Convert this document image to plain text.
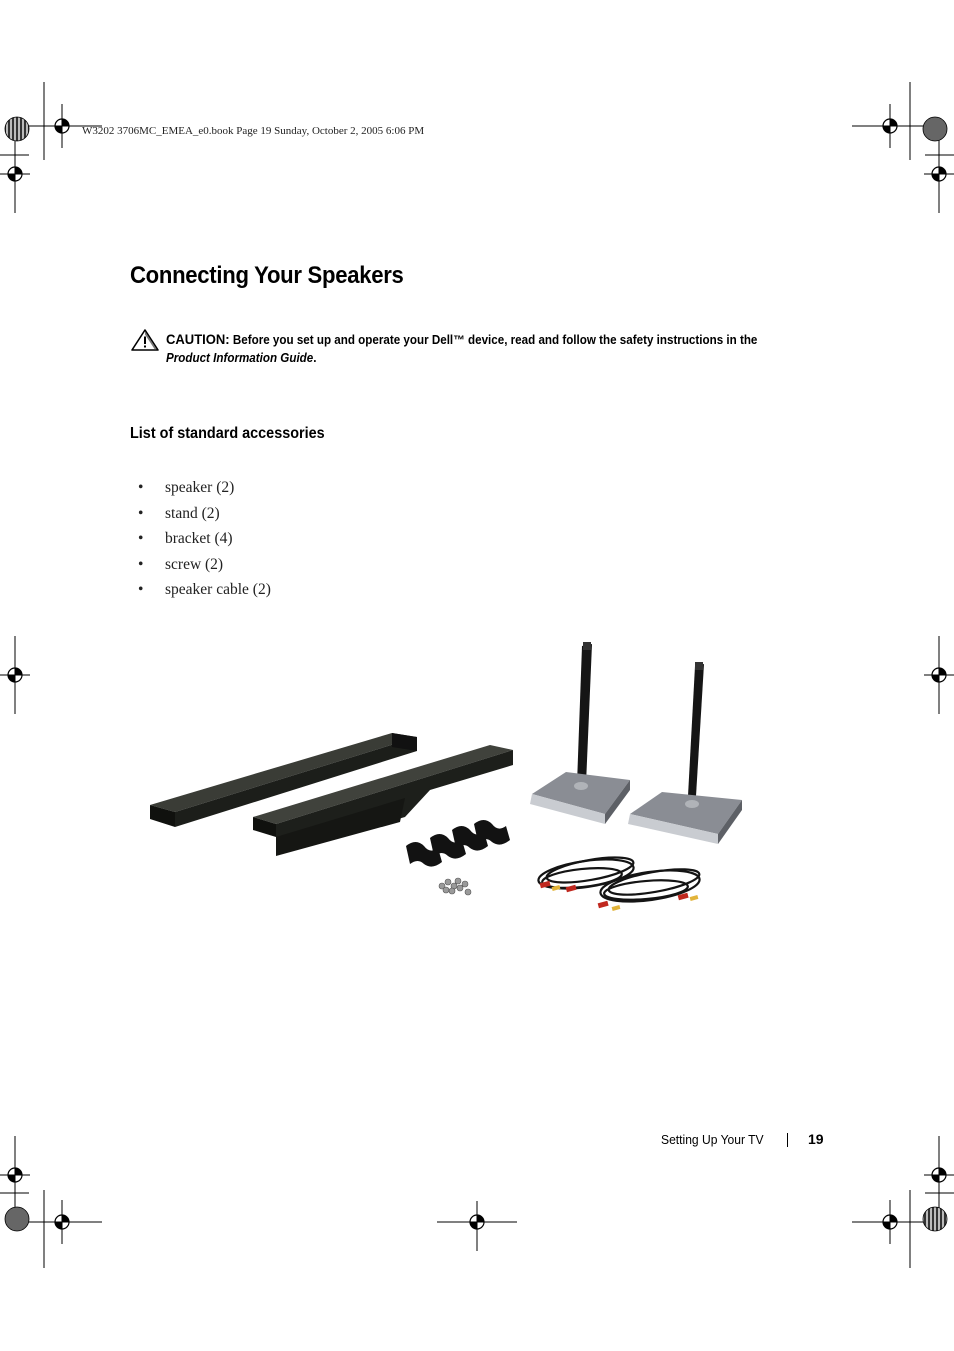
W3202 3706MC_EMEA_e0.book Page 19 Sunday, October 2, 2005 6:06 PM
Connecting Your Speakers
CAUTION: Before you set up and operate your Dell™ device, read and follow the safety instructions in the Product Information Guide.
List of standard accessories
• speaker (2)
• stand (2)
• bracket (4)
• screw (2)
• speaker cable (2)
Setting Up Your TV	19
